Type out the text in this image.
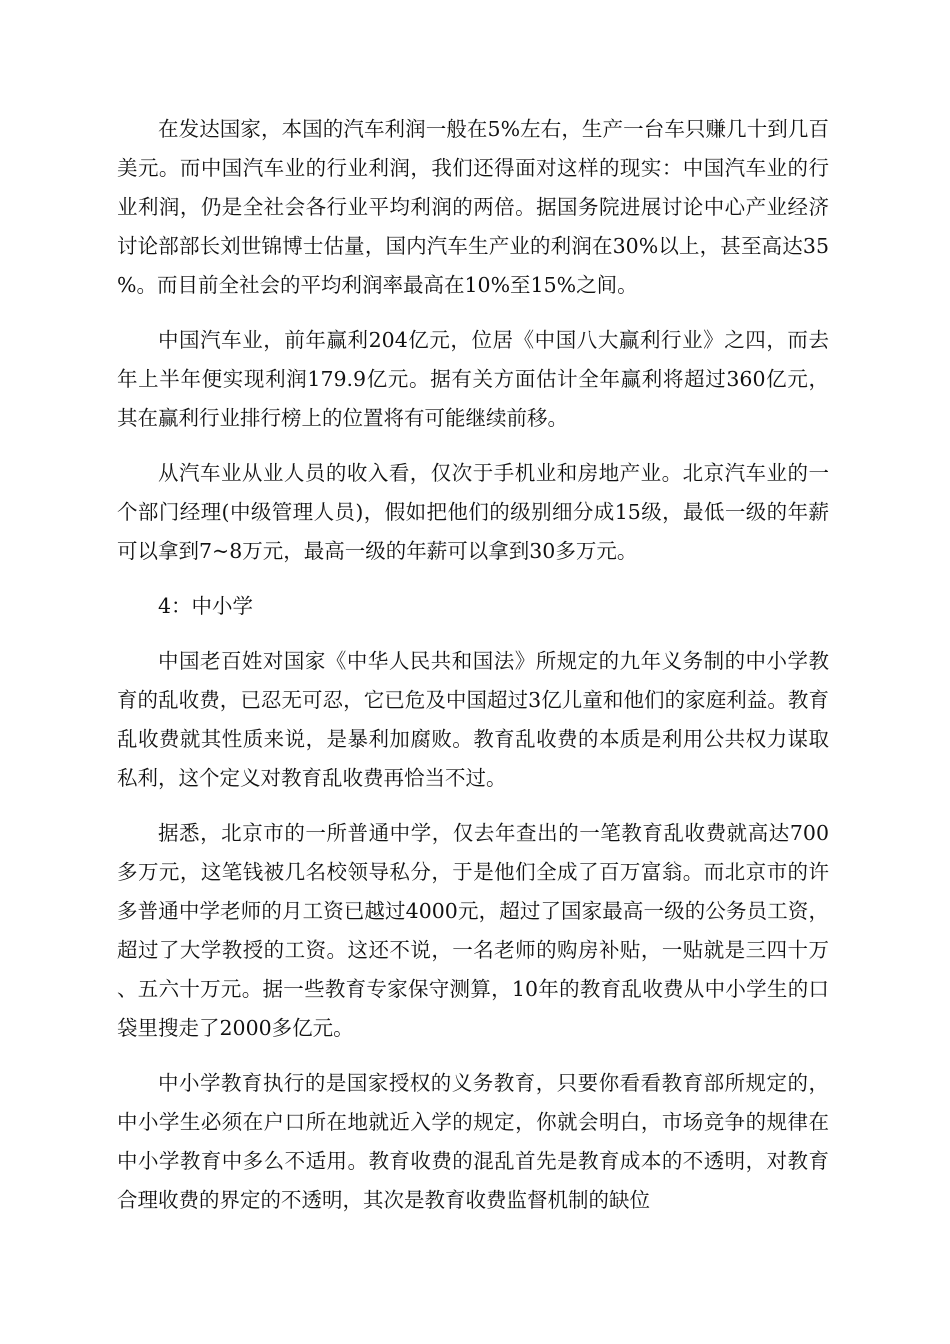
在发达国家，本国的汽车利润一般在5%左右，生产一台车只赚几十到几百美元。而中国汽车业的行业利润，我们还得面对这样的现实：中国汽车业的行业利润，仍是全社会各行业平均利润的两倍。据国务院进展讨论中心产业经济讨论部部长刘世锦博士估量，国内汽车生产业的利润在30%以上，甚至高达35%。而目前全社会的平均利润率最高在10%至15%之间。

中国汽车业，前年赢利204亿元，位居《中国八大赢利行业》之四，而去年上半年便实现利润179.9亿元。据有关方面估计全年赢利将超过360亿元，其在赢利行业排行榜上的位置将有可能继续前移。

从汽车业从业人员的收入看，仅次于手机业和房地产业。北京汽车业的一个部门经理(中级管理人员)，假如把他们的级别细分成15级，最低一级的年薪可以拿到7~8万元，最高一级的年薪可以拿到30多万元。

4：中小学

中国老百姓对国家《中华人民共和国法》所规定的九年义务制的中小学教育的乱收费，已忍无可忍，它已危及中国超过3亿儿童和他们的家庭利益。教育乱收费就其性质来说，是暴利加腐败。教育乱收费的本质是利用公共权力谋取私利，这个定义对教育乱收费再恰当不过。

据悉，北京市的一所普通中学，仅去年查出的一笔教育乱收费就高达700多万元，这笔钱被几名校领导私分，于是他们全成了百万富翁。而北京市的许多普通中学老师的月工资已越过4000元，超过了国家最高一级的公务员工资，超过了大学教授的工资。这还不说，一名老师的购房补贴，一贴就是三四十万、五六十万元。据一些教育专家保守测算，10年的教育乱收费从中小学生的口袋里搜走了2000多亿元。

中小学教育执行的是国家授权的义务教育，只要你看看教育部所规定的，中小学生必须在户口所在地就近入学的规定，你就会明白，市场竞争的规律在中小学教育中多么不适用。教育收费的混乱首先是教育成本的不透明，对教育合理收费的界定的不透明，其次是教育收费监督机制的缺位
